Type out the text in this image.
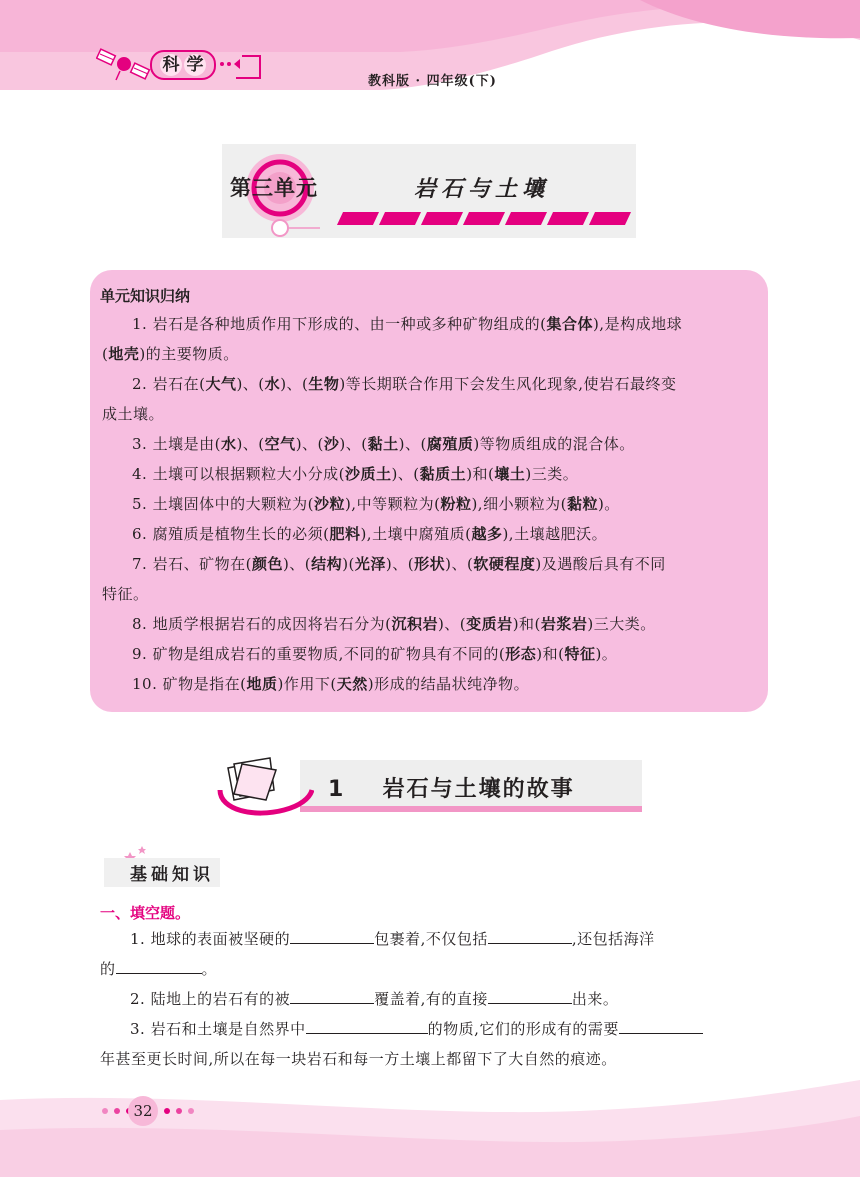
科 学
教科版 · 四年级(下)
第三单元	岩石与土壤
单元知识归纳
1. 岩石是各种地质作用下形成的、由一种或多种矿物组成的(集合体),是构成地球
(地壳)的主要物质。
2. 岩石在(大气)、(水)、(生物)等长期联合作用下会发生风化现象,使岩石最终变
成土壤。
3. 土壤是由(水)、(空气)、(沙)、(黏土)、(腐殖质)等物质组成的混合体。
4. 土壤可以根据颗粒大小分成(沙质土)、(黏质土)和(壤土)三类。
5. 土壤固体中的大颗粒为(沙粒),中等颗粒为(粉粒),细小颗粒为(黏粒)。
6. 腐殖质是植物生长的必须(肥料),土壤中腐殖质(越多),土壤越肥沃。
7. 岩石、矿物在(颜色)、(结构)(光泽)、(形状)、(软硬程度)及遇酸后具有不同
特征。
8. 地质学根据岩石的成因将岩石分为(沉积岩)、(变质岩)和(岩浆岩)三大类。
9. 矿物是组成岩石的重要物质,不同的矿物具有不同的(形态)和(特征)。
10. 矿物是指在(地质)作用下(天然)形成的结晶状纯净物。
1 岩石与土壤的故事
基础知识
一、填空题。
1. 地球的表面被坚硬的	包裹着,不仅包括	,还包括海洋
的	。
2. 陆地上的岩石有的被	覆盖着,有的直接	出来。
3. 岩石和土壤是自然界中	的物质,它们的形成有的需要
年甚至更长时间,所以在每一块岩石和每一方土壤上都留下了大自然的痕迹。
32
